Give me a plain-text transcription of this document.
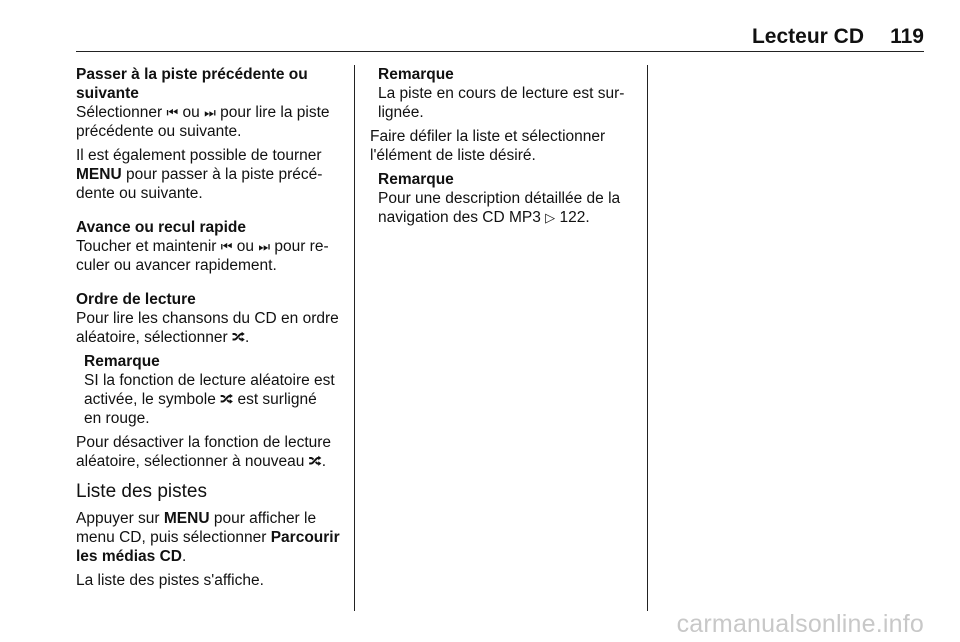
Lecteur CD 119

Passer à la piste précédente ou
suivante

Sélectionner ⏮ ou ⏭ pour lire la piste
précédente ou suivante.

Il est également possible de tourner
MENU pour passer à la piste précé-
dente ou suivante.

Avance ou recul rapide

Toucher et maintenir ⏮ ou ⏭ pour re-
culer ou avancer rapidement.

Ordre de lecture

Pour lire les chansons du CD en ordre
aléatoire, sélectionner 🔀︎.

Remarque
SI la fonction de lecture aléatoire est
activée, le symbole 🔀︎ est surligné
en rouge.

Pour désactiver la fonction de lecture
aléatoire, sélectionner à nouveau 🔀︎.

Liste des pistes

Appuyer sur MENU pour afficher le
menu CD, puis sélectionner Parcourir
les médias CD.

La liste des pistes s'affiche.

Remarque
La piste en cours de lecture est sur-
lignée.

Faire défiler la liste et sélectionner
l'élément de liste désiré.

Remarque
Pour une description détaillée de la
navigation des CD MP3 ▷ 122.
carmanualsonline.info
